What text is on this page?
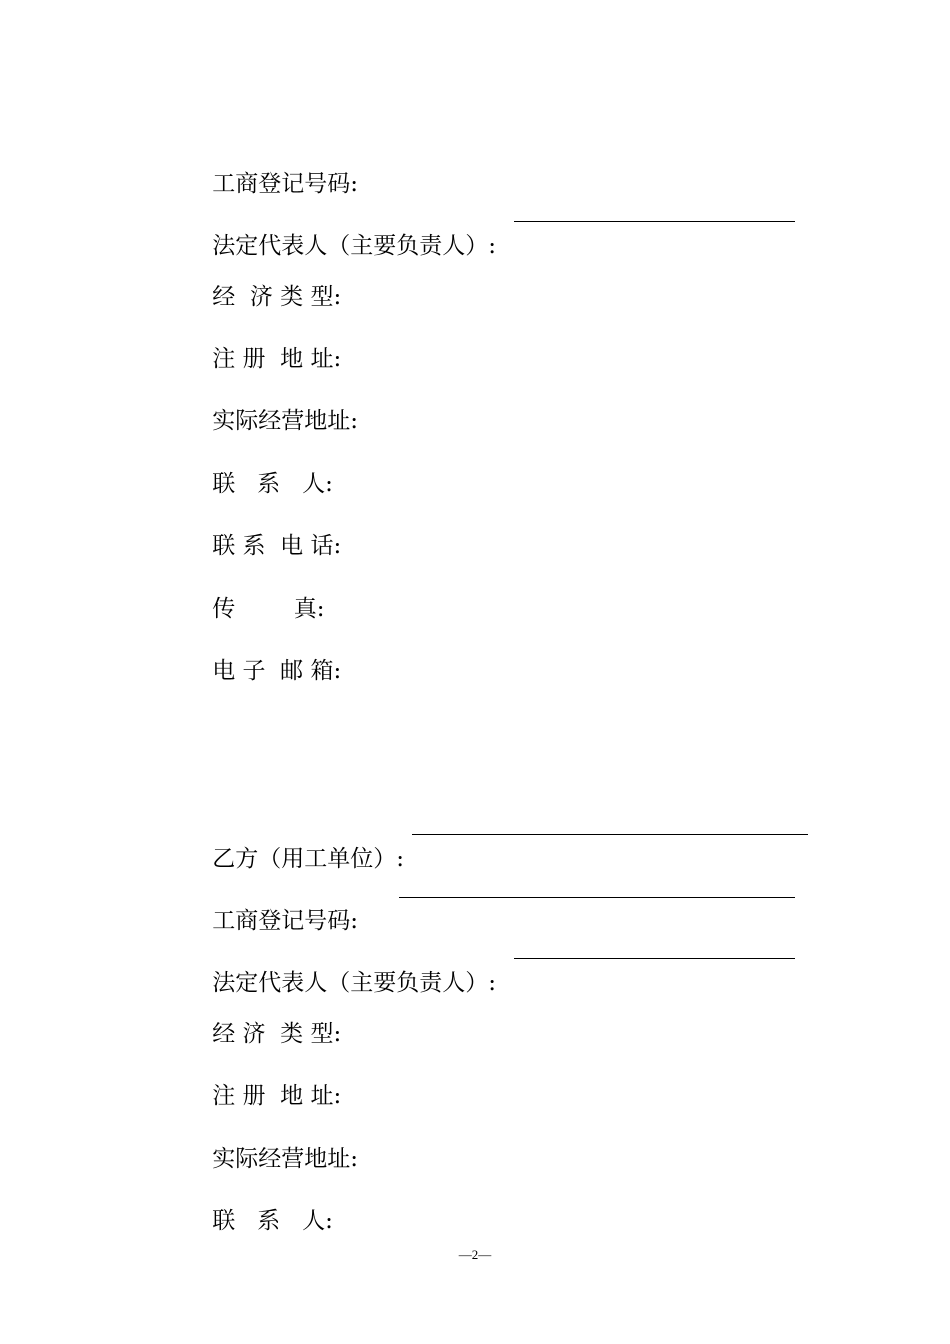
工商登记号码:

法定代表人（主要负责人）:

经  济 类 型:

注 册  地 址:

实际经营地址:

联   系   人:

联 系  电 话:

传        真:

电 子  邮 箱:

乙方（用工单位）:

工商登记号码:

法定代表人（主要负责人）:

经 济  类 型:

注 册  地 址:

实际经营地址:

联   系   人:

—2—
